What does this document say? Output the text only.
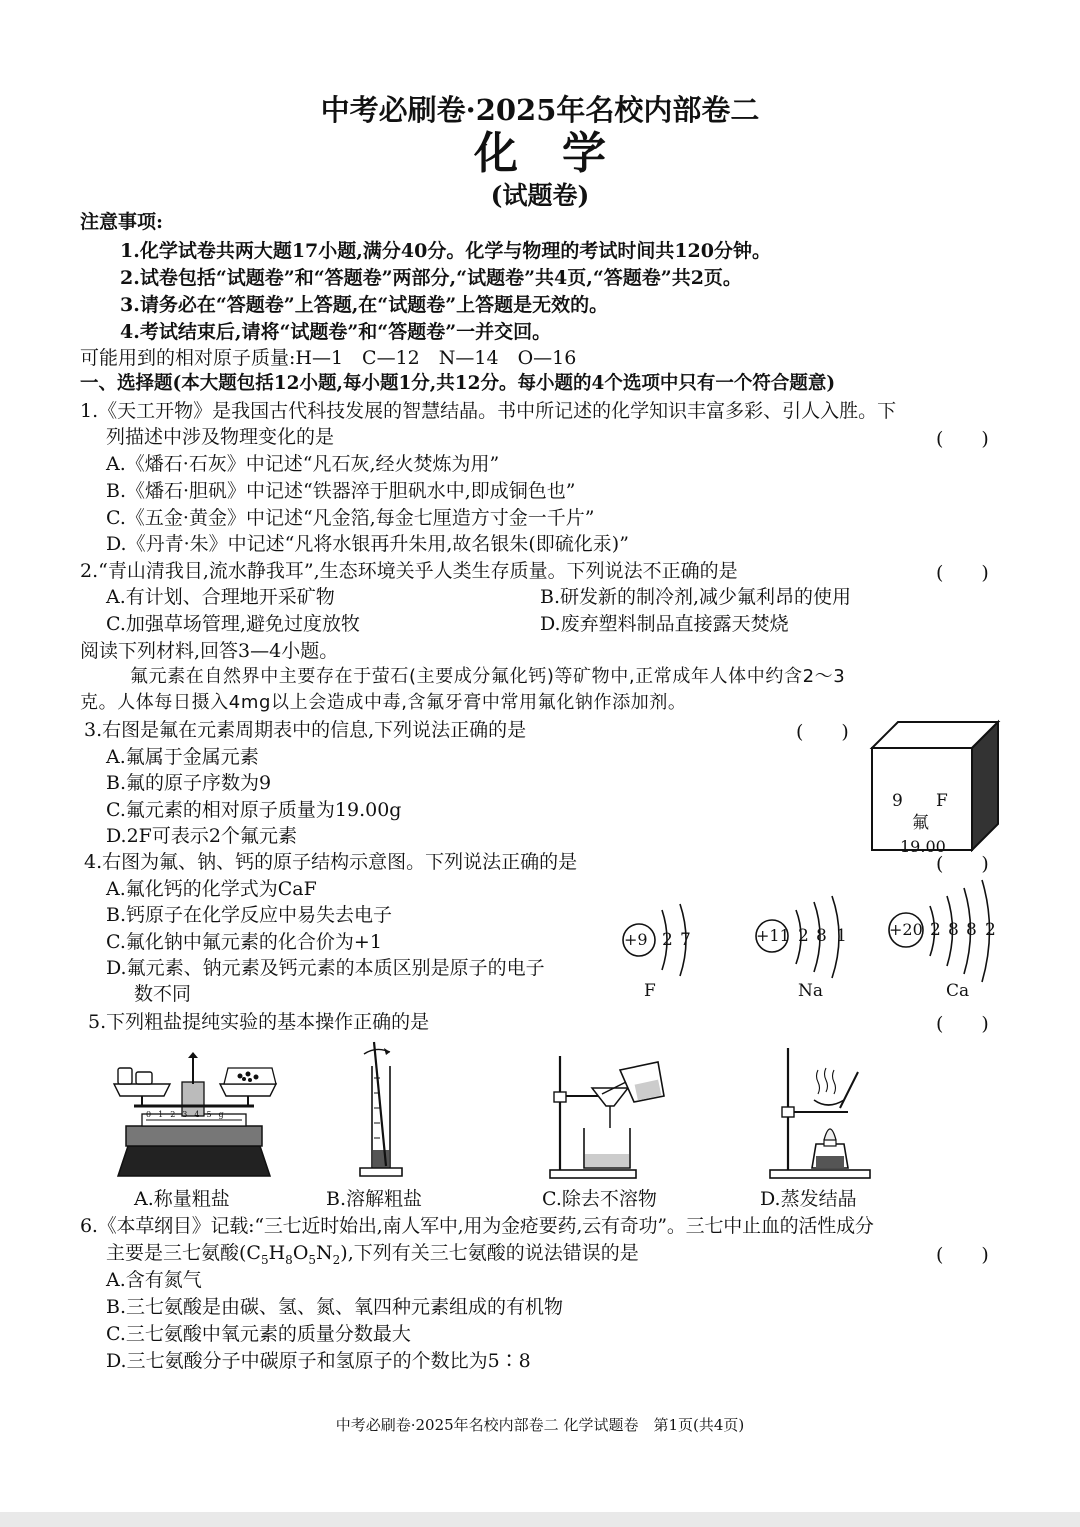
中考必刷卷·2025年名校内部卷二
化　学
(试题卷)
注意事项:
1.化学试卷共两大题17小题,满分40分。化学与物理的考试时间共120分钟。
2.试卷包括“试题卷”和“答题卷”两部分,“试题卷”共4页,“答题卷”共2页。
3.请务必在“答题卷”上答题,在“试题卷”上答题是无效的。
4.考试结束后,请将“试题卷”和“答题卷”一并交回。
可能用到的相对原子质量:H—1　C—12　N—14　O—16
一、选择题(本大题包括12小题,每小题1分,共12分。每小题的4个选项中只有一个符合题意)
1.《天工开物》是我国古代科技发展的智慧结晶。书中所记述的化学知识丰富多彩、引人入胜。下
列描述中涉及物理变化的是	(　　)
A.《燔石·石灰》中记述“凡石灰,经火焚炼为用”
B.《燔石·胆矾》中记述“铁器淬于胆矾水中,即成铜色也”
C.《五金·黄金》中记述“凡金箔,每金七厘造方寸金一千片”
D.《丹青·朱》中记述“凡将水银再升朱用,故名银朱(即硫化汞)”
2.“青山清我目,流水静我耳”,生态环境关乎人类生存质量。下列说法不正确的是	(　　)
A.有计划、合理地开采矿物	B.研发新的制冷剂,减少氟利昂的使用
C.加强草场管理,避免过度放牧	D.废弃塑料制品直接露天焚烧
阅读下列材料,回答3—4小题。
氟元素在自然界中主要存在于萤石(主要成分氟化钙)等矿物中,正常成年人体中约含2～3
克。人体每日摄入4mg以上会造成中毒,含氟牙膏中常用氟化钠作添加剂。
3.右图是氟在元素周期表中的信息,下列说法正确的是	(　　)
A.氟属于金属元素
B.氟的原子序数为9
C.氟元素的相对原子质量为19.00g
D.2F可表示2个氟元素
9 F
氟
19.00
4.右图为氟、钠、钙的原子结构示意图。下列说法正确的是	(　　)
A.氟化钙的化学式为CaF
B.钙原子在化学反应中易失去电子
C.氟化钠中氟元素的化合价为+1
D.氟元素、钠元素及钙元素的本质区别是原子的电子
数不同
+9 2 7
F
+11 2 8 1
Na
+20 2 8 8 2
Ca
5.下列粗盐提纯实验的基本操作正确的是	(　　)
012345g
A.称量粗盐	B.溶解粗盐	C.除去不溶物	D.蒸发结晶
6.《本草纲目》记载:“三七近时始出,南人军中,用为金疮要药,云有奇功”。三七中止血的活性成分
主要是三七氨酸$(C_5H_8O_5N_2)$,下列有关三七氨酸的说法错误的是	(　　)
A.含有氮气
B.三七氨酸是由碳、氢、氮、氧四种元素组成的有机物
C.三七氨酸中氧元素的质量分数最大
D.三七氨酸分子中碳原子和氢原子的个数比为5∶8
中考必刷卷·2025年名校内部卷二 化学试题卷　第1页(共4页)
